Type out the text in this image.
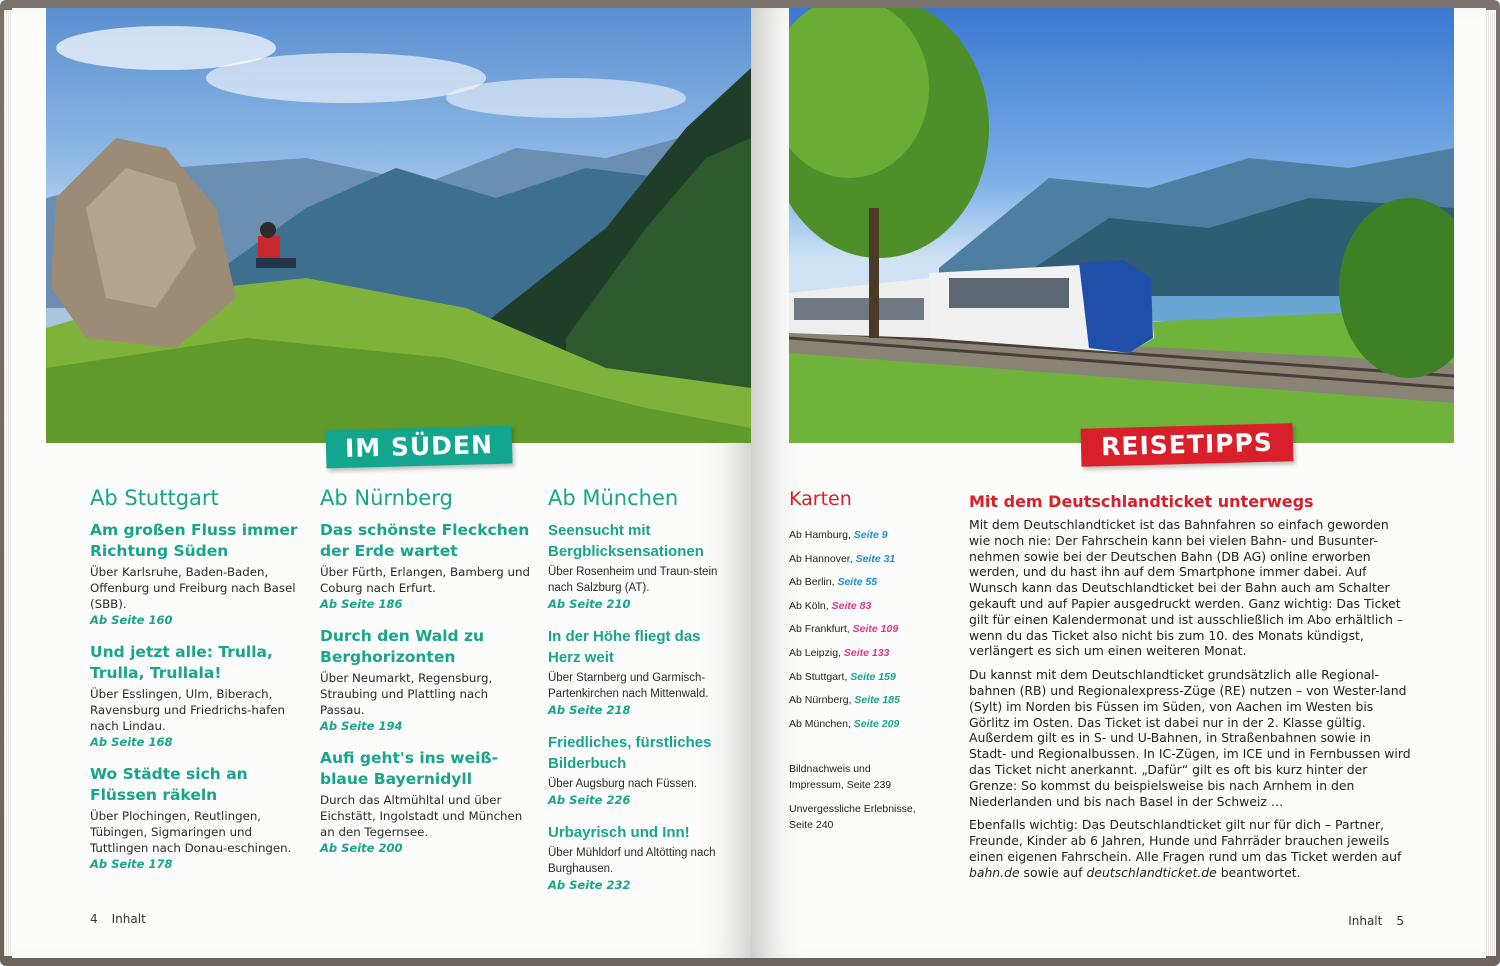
IM SÜDEN
Ab Stuttgart
Am großen Fluss immer Richtung Süden
Über Karlsruhe, Baden-Baden, Offenburg und Freiburg nach Basel (SBB).
Ab Seite 160
Und jetzt alle: Trulla, Trulla, Trullala!
Über Esslingen, Ulm, Biberach, Ravensburg und Friedrichs-hafen nach Lindau.
Ab Seite 168
Wo Städte sich an Flüssen räkeln
Über Plochingen, Reutlingen, Tübingen, Sigmaringen und Tuttlingen nach Donau-eschingen.
Ab Seite 178
Ab Nürnberg
Das schönste Fleckchen der Erde wartet
Über Fürth, Erlangen, Bamberg und Coburg nach Erfurt.
Ab Seite 186
Durch den Wald zu Berghorizonten
Über Neumarkt, Regensburg, Straubing und Plattling nach Passau.
Ab Seite 194
Aufi geht's ins weiß-blaue Bayernidyll
Durch das Altmühltal und über Eichstätt, Ingolstadt und München an den Tegernsee.
Ab Seite 200
Ab München
Seensucht mit Bergblicksensationen
Über Rosenheim und Traun-stein nach Salzburg (AT).
Ab Seite 210
In der Höhe fliegt das Herz weit
Über Starnberg und Garmisch-Partenkirchen nach Mittenwald.
Ab Seite 218
Friedliches, fürstliches Bilderbuch
Über Augsburg nach Füssen.
Ab Seite 226
Urbayrisch und Inn!
Über Mühldorf und Altötting nach Burghausen.
Ab Seite 232
4 Inhalt
REISETIPPS
Karten
Ab Hamburg, Seite 9
Ab Hannover, Seite 31
Ab Berlin, Seite 55
Ab Köln, Seite 83
Ab Frankfurt, Seite 109
Ab Leipzig, Seite 133
Ab Stuttgart, Seite 159
Ab Nürnberg, Seite 185
Ab München, Seite 209
Bildnachweis und Impressum, Seite 239
Unvergessliche Erlebnisse, Seite 240
Mit dem Deutschlandticket unterwegs

Mit dem Deutschlandticket ist das Bahnfahren so einfach geworden wie noch nie: Der Fahrschein kann bei vielen Bahn- und Busunter-nehmen sowie bei der Deutschen Bahn (DB AG) online erworben werden, und du hast ihn auf dem Smartphone immer dabei. Auf Wunsch kann das Deutschlandticket bei der Bahn auch am Schalter gekauft und auf Papier ausgedruckt werden. Ganz wichtig: Das Ticket gilt für einen Kalendermonat und ist ausschließlich im Abo erhältlich – wenn du das Ticket also nicht bis zum 10. des Monats kündigst, verlängert es sich um einen weiteren Monat.

Du kannst mit dem Deutschlandticket grundsätzlich alle Regional-bahnen (RB) und Regionalexpress-Züge (RE) nutzen – von Wester-land (Sylt) im Norden bis Füssen im Süden, von Aachen im Westen bis Görlitz im Osten. Das Ticket ist dabei nur in der 2. Klasse gültig. Außerdem gilt es in S- und U-Bahnen, in Straßenbahnen sowie in Stadt- und Regionalbussen. In IC-Zügen, im ICE und in Fernbussen wird das Ticket nicht anerkannt. „Dafür“ gilt es oft bis kurz hinter der Grenze: So kommst du beispielsweise bis nach Arnhem in den Niederlanden und bis nach Basel in der Schweiz …

Ebenfalls wichtig: Das Deutschlandticket gilt nur für dich – Partner, Freunde, Kinder ab 6 Jahren, Hunde und Fahrräder brauchen jeweils einen eigenen Fahrschein. Alle Fragen rund um das Ticket werden auf bahn.de sowie auf deutschlandticket.de beantwortet.

Inhalt 5
